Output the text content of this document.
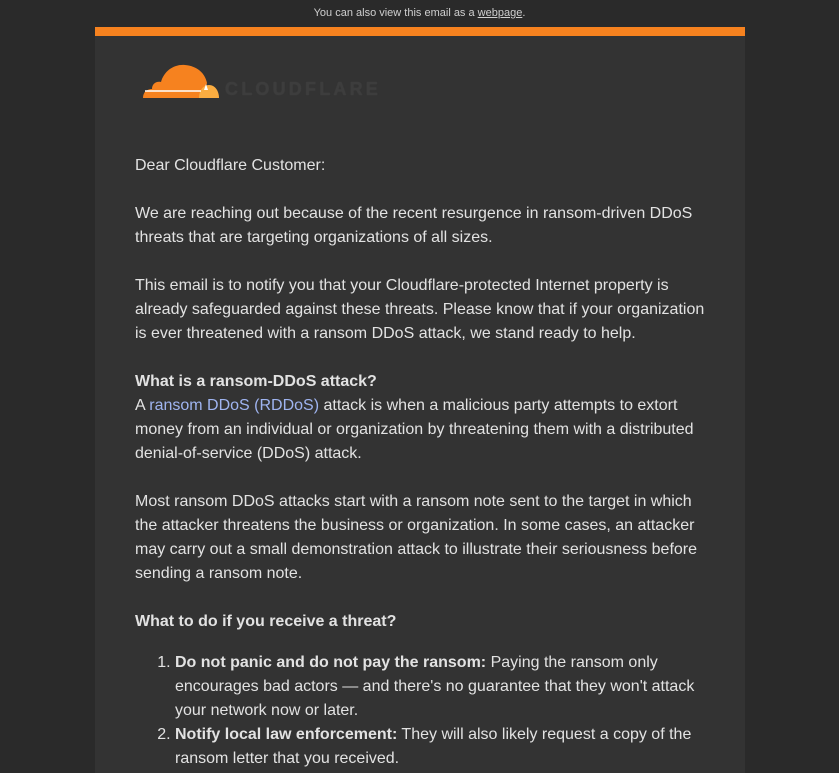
You can also view this email as a webpage.
CLOUDFLARE

Dear Cloudflare Customer:

We are reaching out because of the recent resurgence in ransom-driven DDoS threats that are targeting organizations of all sizes.

This email is to notify you that your Cloudflare-protected Internet property is already safeguarded against these threats. Please know that if your organization is ever threatened with a ransom DDoS attack, we stand ready to help.

What is a ransom-DDoS attack?

A ransom DDoS (RDDoS) attack is when a malicious party attempts to extort money from an individual or organization by threatening them with a distributed denial-of-service (DDoS) attack.

Most ransom DDoS attacks start with a ransom note sent to the target in which the attacker threatens the business or organization. In some cases, an attacker may carry out a small demonstration attack to illustrate their seriousness before sending a ransom note.

What to do if you receive a threat?

1. Do not panic and do not pay the ransom: Paying the ransom only encourages bad actors — and there's no guarantee that they won't attack your network now or later.
2. Notify local law enforcement: They will also likely request a copy of the ransom letter that you received.
